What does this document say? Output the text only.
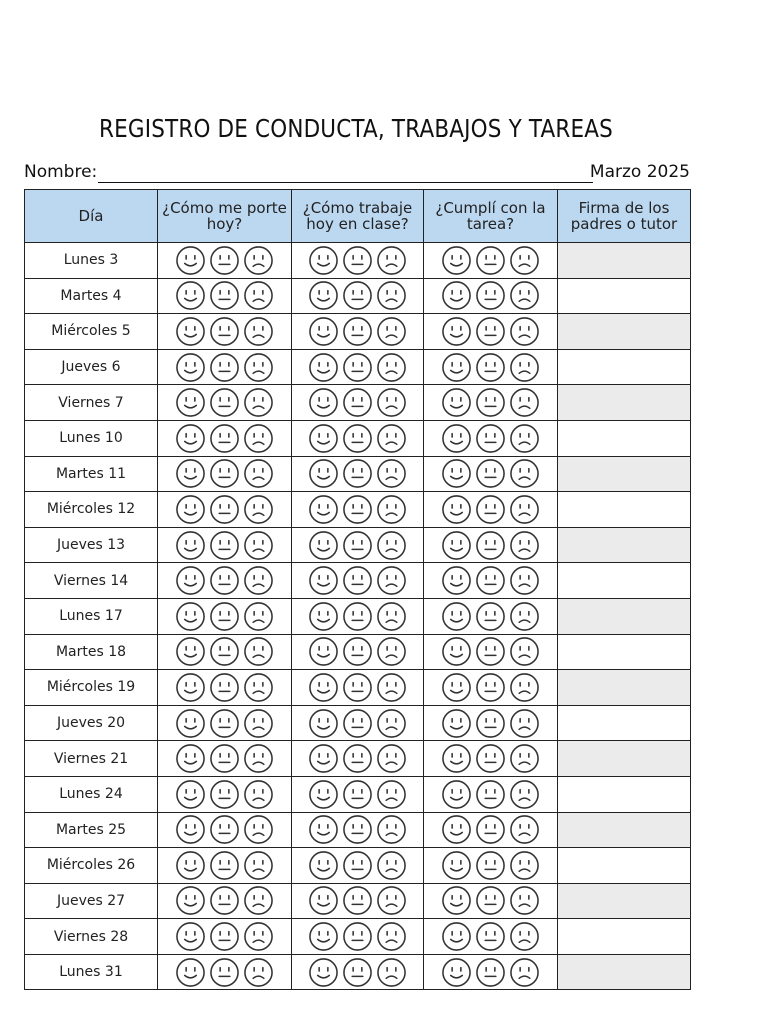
REGISTRO DE CONDUCTA, TRABAJOS Y TAREAS
Nombre:	Marzo 2025
Día	¿Cómo me porte hoy?	¿Cómo trabaje hoy en clase?	¿Cumplí con la tarea?	Firma de los padres o tutor
Lunes 3	

Martes 4	

Miércoles 5	

Jueves 6	

Viernes 7	

Lunes 10	

Martes 11	

Miércoles 12	

Jueves 13	

Viernes 14	

Lunes 17	

Martes 18	

Miércoles 19	

Jueves 20	

Viernes 21	

Lunes 24	

Martes 25	

Miércoles 26	

Jueves 27	

Viernes 28	

Lunes 31	
